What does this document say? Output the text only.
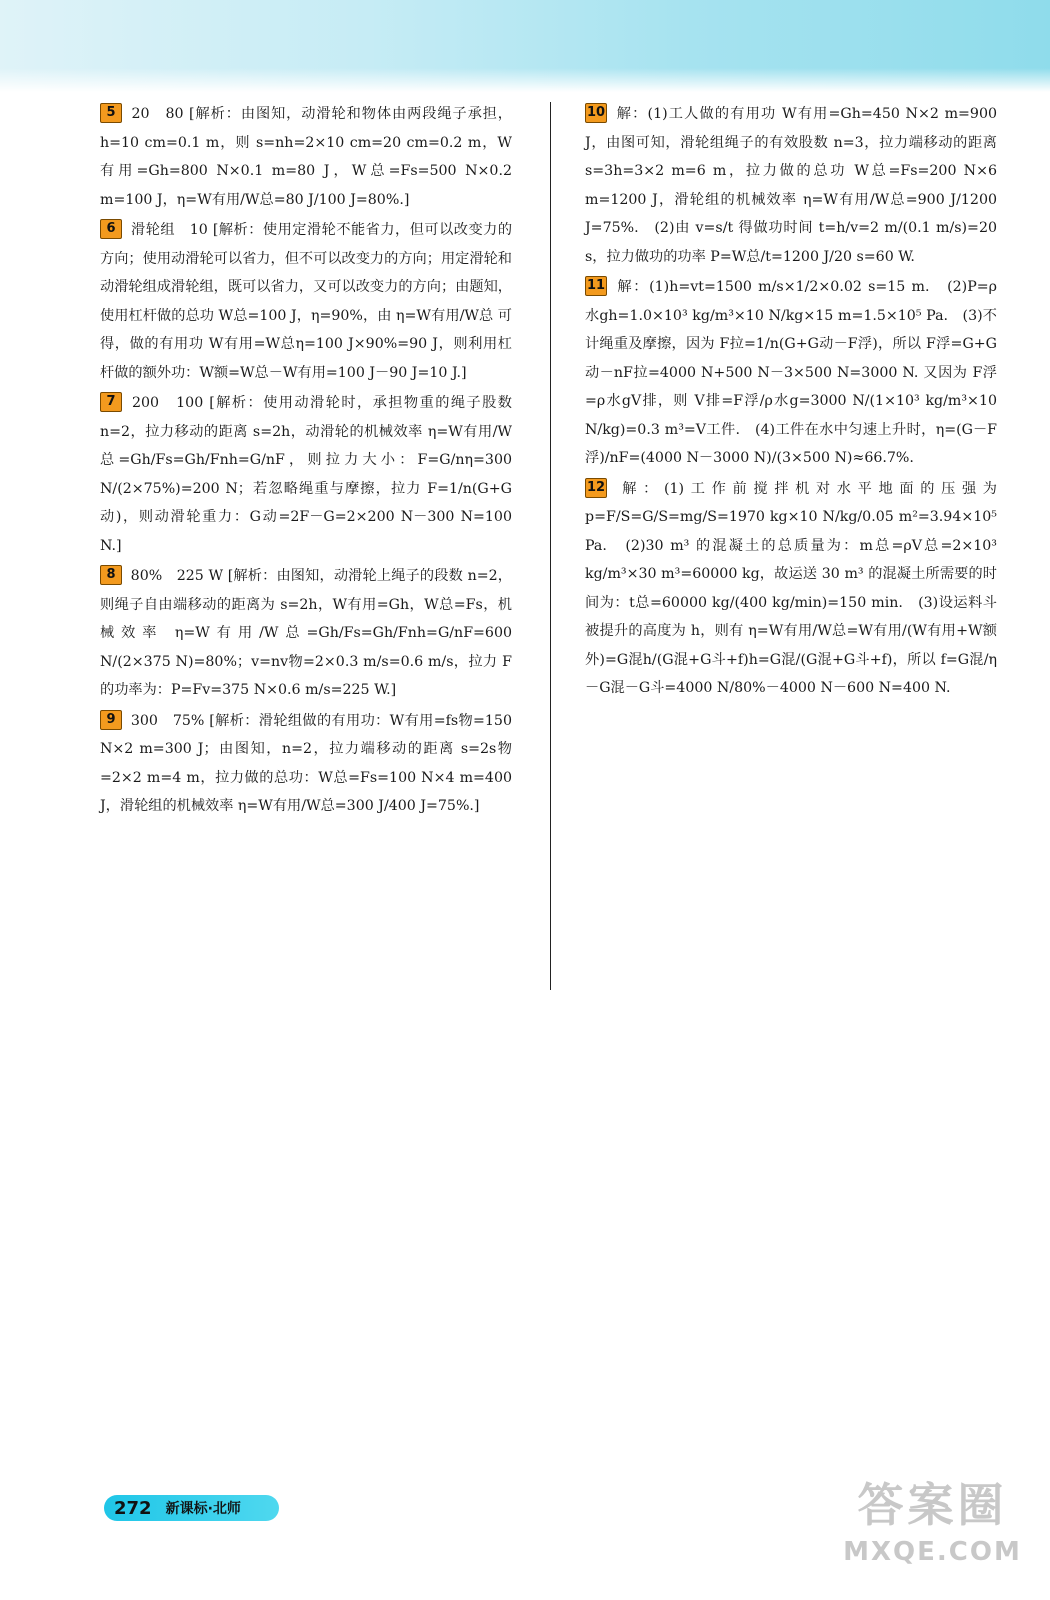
5 20　80 [解析：由图知，动滑轮和物体由两段绳子承担，h=10 cm=0.1 m，则 s=nh=2×10 cm=20 cm=0.2 m，W有用=Gh=800 N×0.1 m=80 J，W总=Fs=500 N×0.2 m=100 J，η=W有用/W总=80 J/100 J=80%.]

6 滑轮组　10 [解析：使用定滑轮不能省力，但可以改变力的方向；使用动滑轮可以省力，但不可以改变力的方向；用定滑轮和动滑轮组成滑轮组，既可以省力，又可以改变力的方向；由题知，使用杠杆做的总功 W总=100 J，η=90%，由 η=W有用/W总 可得，做的有用功 W有用=W总η=100 J×90%=90 J，则利用杠杆做的额外功：W额=W总－W有用=100 J－90 J=10 J.]

7 200　100 [解析：使用动滑轮时，承担物重的绳子股数 n=2，拉力移动的距离 s=2h，动滑轮的机械效率 η=W有用/W总=Gh/Fs=Gh/Fnh=G/nF，则拉力大小：F=G/nη=300 N/(2×75%)=200 N；若忽略绳重与摩擦，拉力 F=1/n(G+G动)，则动滑轮重力：G动=2F－G=2×200 N－300 N=100 N.]

8 80%　225 W [解析：由图知，动滑轮上绳子的段数 n=2，则绳子自由端移动的距离为 s=2h，W有用=Gh，W总=Fs，机械效率 η=W有用/W总=Gh/Fs=Gh/Fnh=G/nF=600 N/(2×375 N)=80%；v=nv物=2×0.3 m/s=0.6 m/s，拉力 F 的功率为：P=Fv=375 N×0.6 m/s=225 W.]

9 300　75% [解析：滑轮组做的有用功：W有用=fs物=150 N×2 m=300 J；由图知，n=2，拉力端移动的距离 s=2s物=2×2 m=4 m，拉力做的总功：W总=Fs=100 N×4 m=400 J，滑轮组的机械效率 η=W有用/W总=300 J/400 J=75%.]

10 解：(1)工人做的有用功 W有用=Gh=450 N×2 m=900 J，由图可知，滑轮组绳子的有效股数 n=3，拉力端移动的距离 s=3h=3×2 m=6 m，拉力做的总功 W总=Fs=200 N×6 m=1200 J，滑轮组的机械效率 η=W有用/W总=900 J/1200 J=75%.　(2)由 v=s/t 得做功时间 t=h/v=2 m/(0.1 m/s)=20 s，拉力做功的功率 P=W总/t=1200 J/20 s=60 W.

11 解：(1)h=vt=1500 m/s×1/2×0.02 s=15 m.　(2)P=ρ水gh=1.0×10³ kg/m³×10 N/kg×15 m=1.5×10⁵ Pa.　(3)不计绳重及摩擦，因为 F拉=1/n(G+G动－F浮)，所以 F浮=G+G动－nF拉=4000 N+500 N－3×500 N=3000 N. 又因为 F浮=ρ水gV排，则 V排=F浮/ρ水g=3000 N/(1×10³ kg/m³×10 N/kg)=0.3 m³=V工件.　(4)工件在水中匀速上升时，η=(G－F浮)/nF=(4000 N－3000 N)/(3×500 N)≈66.7%.

12 解：(1)工作前搅拌机对水平地面的压强为 p=F/S=G/S=mg/S=1970 kg×10 N/kg/0.05 m²=3.94×10⁵ Pa.　(2)30 m³ 的混凝土的总质量为：m总=ρV总=2×10³ kg/m³×30 m³=60000 kg，故运送 30 m³ 的混凝土所需要的时间为：t总=60000 kg/(400 kg/min)=150 min.　(3)设运料斗被提升的高度为 h，则有 η=W有用/W总=W有用/(W有用+W额外)=G混h/(G混+G斗+f)h=G混/(G混+G斗+f)，所以 f=G混/η－G混－G斗=4000 N/80%－4000 N－600 N=400 N.

272 新课标·北师	答案圈
MXQE.COM
